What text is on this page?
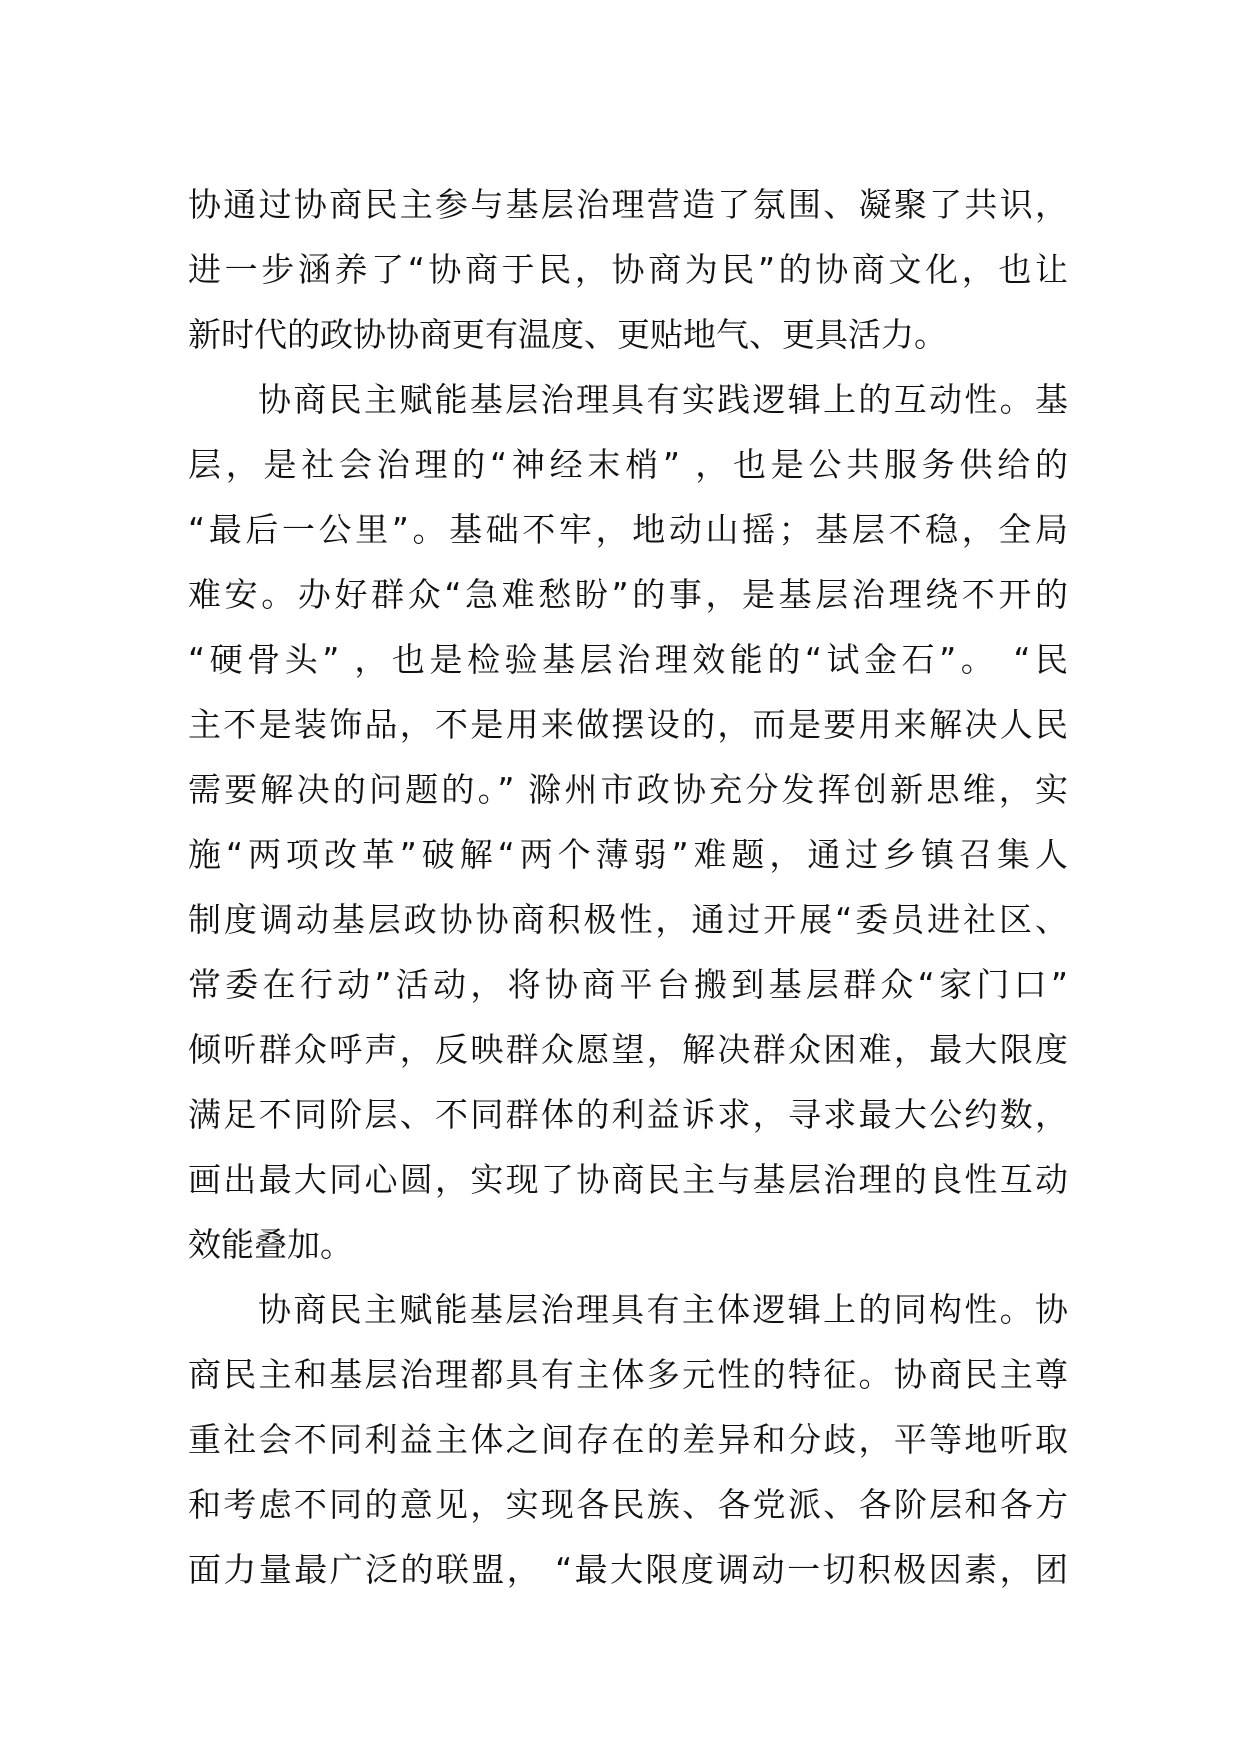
协通过协商民主参与基层治理营造了氛围、凝聚了共识，
进一步涵养了“协商于民，协商为民”的协商文化，也让
新时代的政协协商更有温度、更贴地气、更具活力。
协商民主赋能基层治理具有实践逻辑上的互动性。基
层，是社会治理的“神经末梢” ，也是公共服务供给的
“最后一公里”。基础不牢，地动山摇；基层不稳，全局
难安。办好群众“急难愁盼”的事，是基层治理绕不开的
“硬骨头” ，也是检验基层治理效能的“试金石”。 “民
主不是装饰品，不是用来做摆设的，而是要用来解决人民
需要解决的问题的。” 滁州市政协充分发挥创新思维，实
施“两项改革”破解“两个薄弱”难题，通过乡镇召集人
制度调动基层政协协商积极性，通过开展“委员进社区、
常委在行动”活动，将协商平台搬到基层群众“家门口”
倾听群众呼声，反映群众愿望，解决群众困难，最大限度
满足不同阶层、不同群体的利益诉求，寻求最大公约数，
画出最大同心圆，实现了协商民主与基层治理的良性互动
效能叠加。
协商民主赋能基层治理具有主体逻辑上的同构性。协
商民主和基层治理都具有主体多元性的特征。协商民主尊
重社会不同利益主体之间存在的差异和分歧，平等地听取
和考虑不同的意见，实现各民族、各党派、各阶层和各方
面力量最广泛的联盟， “最大限度调动一切积极因素，团
